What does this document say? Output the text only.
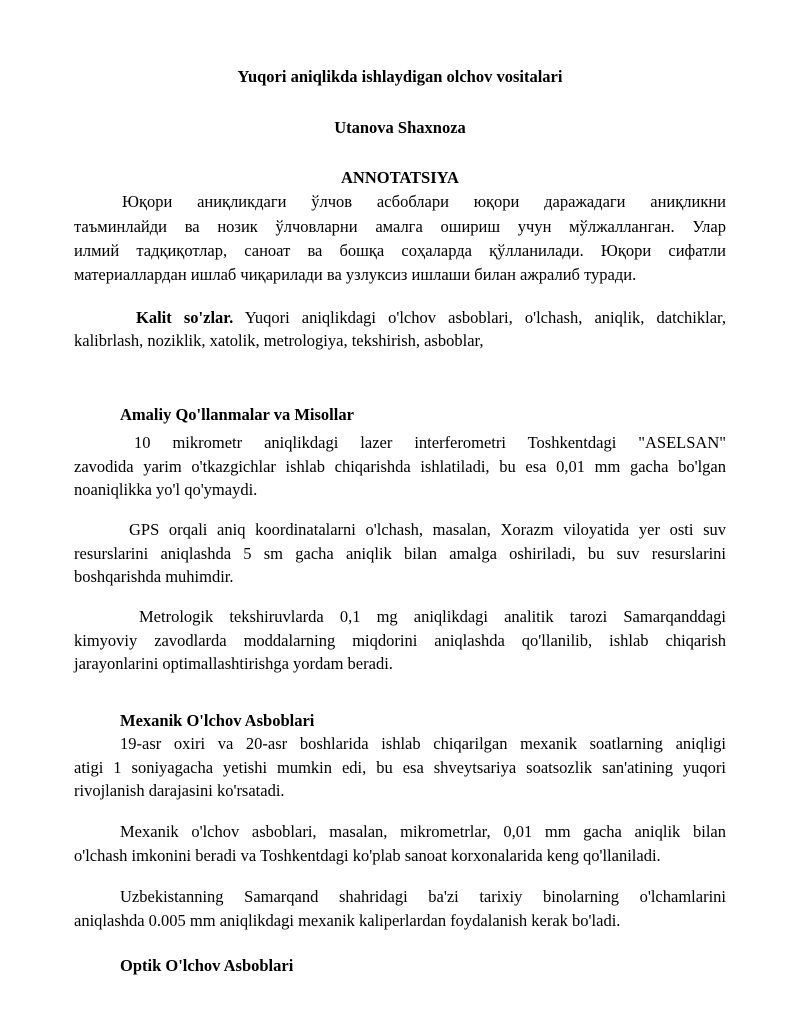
Yuqori aniqlikda ishlaydigan olchov vositalari
Utanova Shaxnoza
ANNOTATSIYA
Юқори аниқликдаги ўлчов асбоблари юқори даражадаги аниқликни
таъминлайди ва нозик ўлчовларни амалга ошириш учун мўлжалланган. Улар
илмий тадқиқотлар, саноат ва бошқа соҳаларда қўлланилади. Юқори сифатли
материаллардан ишлаб чиқарилади ва узлуксиз ишлаши билан ажралиб туради.
Kalit so'zlar. Yuqori aniqlikdagi o'lchov asboblari, o'lchash, aniqlik, datchiklar,
kalibrlash, noziklik, xatolik, metrologiya, tekshirish, asboblar,
Amaliy Qo'llanmalar va Misollar
10 mikrometr aniqlikdagi lazer interferometri Toshkentdagi "ASELSAN"
zavodida yarim o'tkazgichlar ishlab chiqarishda ishlatiladi, bu esa 0,01 mm gacha bo'lgan
noaniqlikka yo'l qo'ymaydi.
GPS orqali aniq koordinatalarni o'lchash, masalan, Xorazm viloyatida yer osti suv
resurslarini aniqlashda 5 sm gacha aniqlik bilan amalga oshiriladi, bu suv resurslarini
boshqarishda muhimdir.
Metrologik tekshiruvlarda 0,1 mg aniqlikdagi analitik tarozi Samarqanddagi
kimyoviy zavodlarda moddalarning miqdorini aniqlashda qo'llanilib, ishlab chiqarish
jarayonlarini optimallashtirishga yordam beradi.
Mexanik O'lchov Asboblari
19-asr oxiri va 20-asr boshlarida ishlab chiqarilgan mexanik soatlarning aniqligi
atigi 1 soniyagacha yetishi mumkin edi, bu esa shveytsariya soatsozlik san'atining yuqori
rivojlanish darajasini ko'rsatadi.
Mexanik o'lchov asboblari, masalan, mikrometrlar, 0,01 mm gacha aniqlik bilan
o'lchash imkonini beradi va Toshkentdagi ko'plab sanoat korxonalarida keng qo'llaniladi.
Uzbekistanning Samarqand shahridagi ba'zi tarixiy binolarning o'lchamlarini
aniqlashda 0.005 mm aniqlikdagi mexanik kaliperlardan foydalanish kerak bo'ladi.
Optik O'lchov Asboblari
